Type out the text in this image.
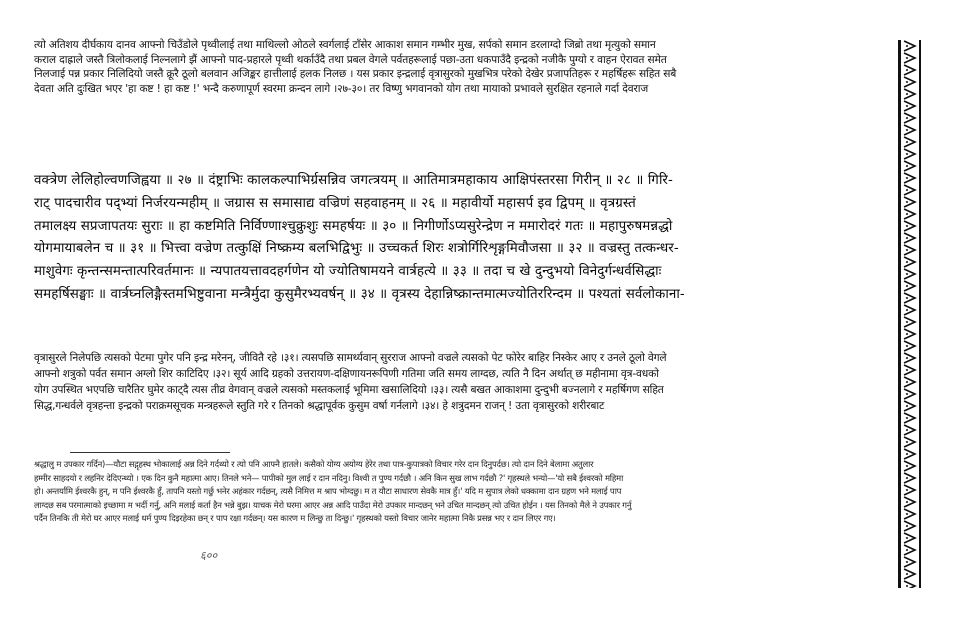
त्यो अतिशय दीर्घकाय दानव आफ्नो चिउँडोले पृथ्वीलाई तथा माथिल्लो ओठले स्वर्गलाई टाँसेर आकाश समान गम्भीर मुख, सर्पको समान डरलाग्दो जिब्रो तथा मृत्युको समान
कराल दाह्राले जस्तै त्रिलोकलाई निल्नलागे झैं आफ्नो पाद-प्रहारले पृथ्वी थर्काउँदै तथा प्रबल वेगले पर्वतहरूलाई पछा-उता धकपाउँदै इन्द्रको नजीकै पुग्यो र वाहन ऐरावत समेत
निलजाई पन्न प्रकार निलिदियो जस्तै क्रूरै ठूलो बलवान अजिङ्कर हात्तीलाई हलक निलछ । यस प्रकार इन्द्रलाई वृत्रासुरको मुखभित्र परेको देखेर प्रजापतिहरू र महर्षिहरू सहित सबै
देवता अति दुःखित भएर 'हा कष्ट ! हा कष्ट !' भन्दै करुणापूर्ण स्वरमा क्रन्दन लागे ।२७-३०। तर विष्णु भगवानको योग तथा मायाको प्रभावले सुरक्षित रहनाले गर्दा देवराज
वक्त्रेण लेलिहोल्वणजिह्वया ॥ २७ ॥ दंष्ट्राभिः कालकल्पाभिर्ग्रसन्निव जगत्त्रयम् ॥ आतिमात्रमहाकाय आक्षिपंस्तरसा गिरीन् ॥ २८ ॥ गिरि-
राट् पादचारीव पद्भ्यां निर्जरयन्महीम् ॥ जग्रास स समासाद्य वज्रिणं सहवाहनम् ॥ २६ ॥ महावीर्यो महासर्प इव द्विपम् ॥ वृत्रग्रस्तं
तमालक्ष्य सप्रजापतयः सुराः ॥ हा कष्टमिति निर्विण्णाश्चुक्रुशुः समहर्षयः ॥ ३० ॥ निगीर्णोऽप्यसुरेन्द्रेण न ममारोदरं गतः ॥ महापुरुषमन्नद्धो
योगमायाबलेन च ॥ ३१ ॥ भित्त्वा वज्रेण तत्कुक्षिं निष्क्रम्य बलभिद्विभुः ॥ उच्चकर्त शिरः शत्रोर्गिरिशृङ्गमिवौजसा ॥ ३२ ॥ वज्रस्तु तत्कन्धर-
माशुवेगः कृन्तन्समन्तात्परिवर्तमानः ॥ न्यपातयत्तावदहर्गणेन यो ज्योतिषामयने वार्त्रहत्ये ॥ ३३ ॥ तदा च खे दुन्दुभयो विनेदुर्गन्धर्वसिद्धाः
समहर्षिसङ्घाः ॥ वार्त्रघ्नलिङ्गैस्तमभिष्टुवाना मन्त्रैर्मुदा कुसुमैरभ्यवर्षन् ॥ ३४ ॥ वृत्रस्य देहान्निष्क्रान्तमात्मज्योतिररिन्दम ॥ पश्यतां सर्वलोकाना-
वृत्रासुरले निलेपछि त्यसको पेटमा पुगेर पनि इन्द्र मरेनन्, जीवितै रहे ।३१। त्यसपछि सामर्थ्यवान् सुरराज आफ्नो वज्रले त्यसको पेट फोरेर बाहिर निस्केर आए र उनले ठूलो वेगले
आफ्नो शत्रुको पर्वत समान अग्लो शिर काटिदिए ।३२। सूर्य आदि ग्रहको उत्तरायण-दक्षिणायनरूपिणी गतिमा जति समय लाग्दछ, त्यति नै दिन अर्थात् छ महीनामा वृत्र-वधको
योग उपस्थित भएपछि चारैतिर घुमेर काट्दै त्यस तीव्र वेगवान् वज्रले त्यसको मस्तकलाई भूमिमा खसालिदियो ।३३। त्यसै बखत आकाशमा दुन्दुभी बज्नलागे र महर्षिगण सहित
सिद्ध,गन्धर्वले वृत्रहन्ता इन्द्रको पराक्रमसूचक मन्त्रहरूले स्तुति गरे र तिनको श्रद्धापूर्वक कुसुम वर्षा गर्नलागे ।३४। हे शत्रुदमन राजन् ! उता वृत्रासुरको शरीरबाट
श्रद्धालु म उपकार गर्दिन)—यौटा सद्गृहस्थ भोकालाई अन्न दिने गर्दथ्यो र त्यो पनि आफ्नै हातले। कसैको योग्य अयोग्य हेरेर तथा पात्र-कुपात्रको विचार गरेर दान दिनुपर्दछ। त्यो दान दिने बेलामा अतुलार
हम्मीर साहदयो र लहनिर देदिएन्थ्यो । एक दिन कुनै महात्मा आए। तिनले भने— पापीको मुल लाई र दान नदिनु। विश्वी त पुण्य गर्दछौ । अनि किन सुख लाभ गर्दछौ ?' गृहस्थले भन्यो—'यो सबै ईश्वरको महिमा
हो। अन्तर्यामि ईश्वरकै हुन्, म पनि ईश्वरकै हुँ, तापनि यस्तो गर्छु भनेर अहंकार गर्दछन्, त्यसै निमित्त म श्राप भोग्दछु। म त यौटा साधारण सेवकै मात्र हुँ।' यदि म सुपात्र लेको धक्कामा दान ग्रहण भने मलाई पाप
लाग्दछ सब परमात्माको इच्छामा म भर्दी गर्नु, अनि मलाई कर्ता हैन भन्ने बुझ। याचक मेरो घरमा आएर अन्न आदि पाउँदा मेरो उपकार मान्दछन् भने उचित मान्दछन् त्यो उचित होईन । यस तिनको मैले ने उपकार गर्नु
पर्दैन तिनकि ती मेरो घर आएर मलाई धर्म पुण्य दिइरहेका छन् र पाप रक्षा गर्दछन्। यस कारण म लिन्छु ता दिन्छु।' गृहस्थको यस्तो विचार जानेर महात्मा निकै प्रसन्न भए र दान लिएर गए।
६००
